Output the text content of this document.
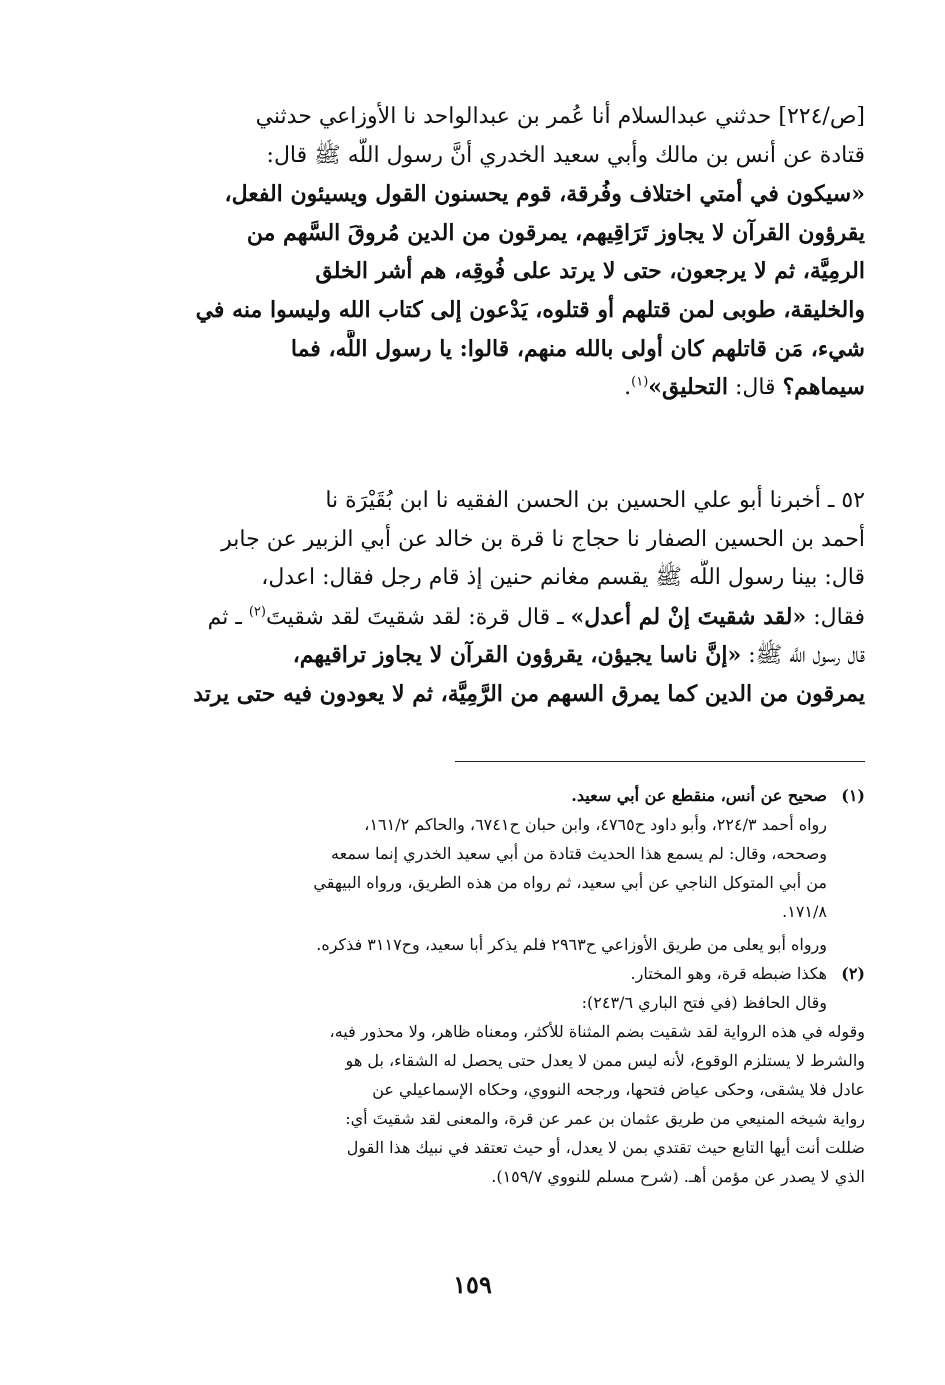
[ص/٢٢٤] حدثني عبدالسلام أنا عُمر بن عبدالواحد نا الأوزاعي حدثني
قتادة عن أنس بن مالك وأبي سعيد الخدري أنَّ رسول اللَّه ﷺ قال:
«سيكون في أمتي اختلاف وفُرقة، قوم يحسنون القول ويسيئون الفعل،
يقرؤون القرآن لا يجاوز تَرَاقِيهم، يمرقون من الدين مُروقَ السَّهم من
الرمِيَّة، ثم لا يرجعون، حتى لا يرتد على فُوقِه، هم أشر الخلق
والخليقة، طوبى لمن قتلهم أو قتلوه، يَدْعون إلى كتاب الله وليسوا منه في
شيء، مَن قاتلهم كان أولى بالله منهم، قالوا: يا رسول اللَّه، فما
سيماهم؟ قال: التحليق»$^{(١)}$.
٥٢ ـ أخبرنا أبو علي الحسين بن الحسن الفقيه نا ابن بُقَيْرَة نا
أحمد بن الحسين الصفار نا حجاج نا قرة بن خالد عن أبي الزبير عن جابر
قال: بينا رسول اللَّه ﷺ يقسم مغانم حنين إذ قام رجل فقال: اعدل،
فقال: «لقد شقيتَ إنْ لم أعدل» ـ قال قرة: لقد شقيتَ لقد شقيتَ$^{(٢)}$ ـ ثم
قال رسول اللَّه ﷺ: «إنَّ ناسا يجيؤن، يقرؤون القرآن لا يجاوز تراقيهم،
يمرقون من الدين كما يمرق السهم من الرَّمِيَّة، ثم لا يعودون فيه حتى يرتد
(١)
صحيح عن أنس، منقطع عن أبي سعيد.
رواه أحمد ٢٢٤/٣، وأبو داود ح٤٧٦٥، وابن حبان ح٦٧٤١، والحاكم ١٦١/٢،
وصححه، وقال: لم يسمع هذا الحديث قتادة من أبي سعيد الخدري إنما سمعه
من أبي المتوكل الناجي عن أبي سعيد، ثم رواه من هذه الطريق، ورواه البيهقي
١٧١/٨.
ورواه أبو يعلى من طريق الأوزاعي ح٢٩٦٣ فلم يذكر أبا سعيد، وح٣١١٧ فذكره.
(٢)
هكذا ضبطه قرة، وهو المختار.
وقال الحافظ (في فتح الباري ٢٤٣/٦):
وقوله في هذه الرواية لقد شقيت بضم المثناة للأكثر، ومعناه ظاهر، ولا محذور فيه،
والشرط لا يستلزم الوقوع، لأنه ليس ممن لا يعدل حتى يحصل له الشقاء، بل هو
عادل فلا يشقى، وحكى عياض فتحها، ورجحه النووي، وحكاه الإسماعيلي عن
رواية شيخه المنيعي من طريق عثمان بن عمر عن قرة، والمعنى لقد شقيتَ أي:
ضللت أنت أيها التابع حيث تقتدي بمن لا يعدل، أو حيث تعتقد في نبيك هذا القول
الذي لا يصدر عن مؤمن أهـ. (شرح مسلم للنووي ١٥٩/٧).
١٥٩
